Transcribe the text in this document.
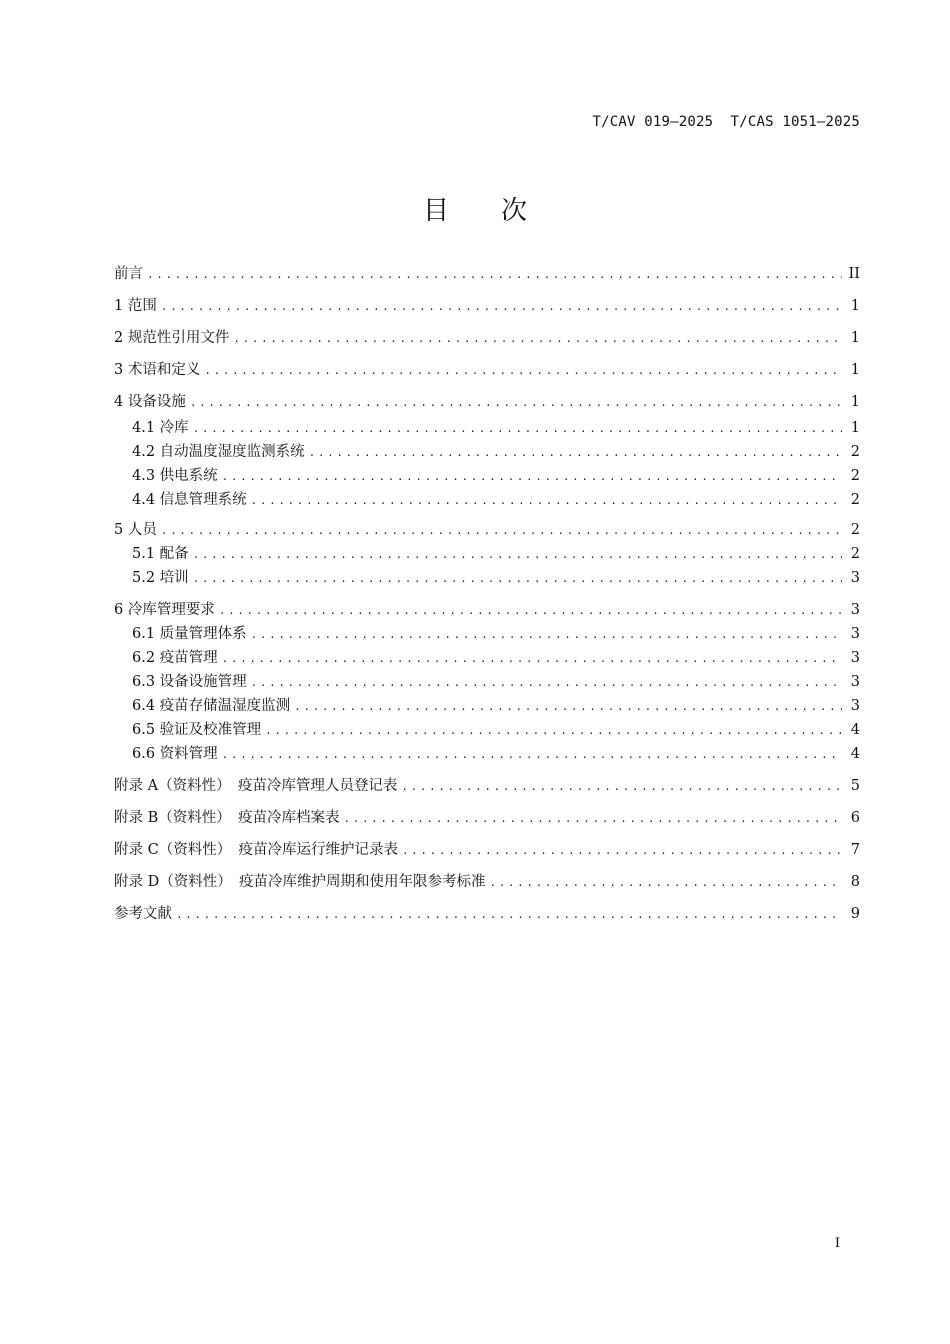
T/CAV 019—2025  T/CAS 1051—2025
目　　次
前言 .....	II
1 范围 .....	1
2 规范性引用文件 .....	1
3 术语和定义 .....	1
4 设备设施 .....	1
4.1 冷库 .....	1
4.2 自动温度湿度监测系统 .....	2
4.3 供电系统 .....	2
4.4 信息管理系统 .....	2
5 人员 .....	2
5.1 配备 .....	2
5.2 培训 .....	3
6 冷库管理要求 .....	3
6.1 质量管理体系 .....	3
6.2 疫苗管理 .....	3
6.3 设备设施管理 .....	3
6.4 疫苗存储温湿度监测 .....	3
6.5 验证及校准管理 .....	4
6.6 资料管理 .....	4
附录 A（资料性）　疫苗冷库管理人员登记表 .....	5
附录 B（资料性）　疫苗冷库档案表 .....	6
附录 C（资料性）　疫苗冷库运行维护记录表 .....	7
附录 D（资料性）　疫苗冷库维护周期和使用年限参考标准 .....	8
参考文献 .....	9
I
